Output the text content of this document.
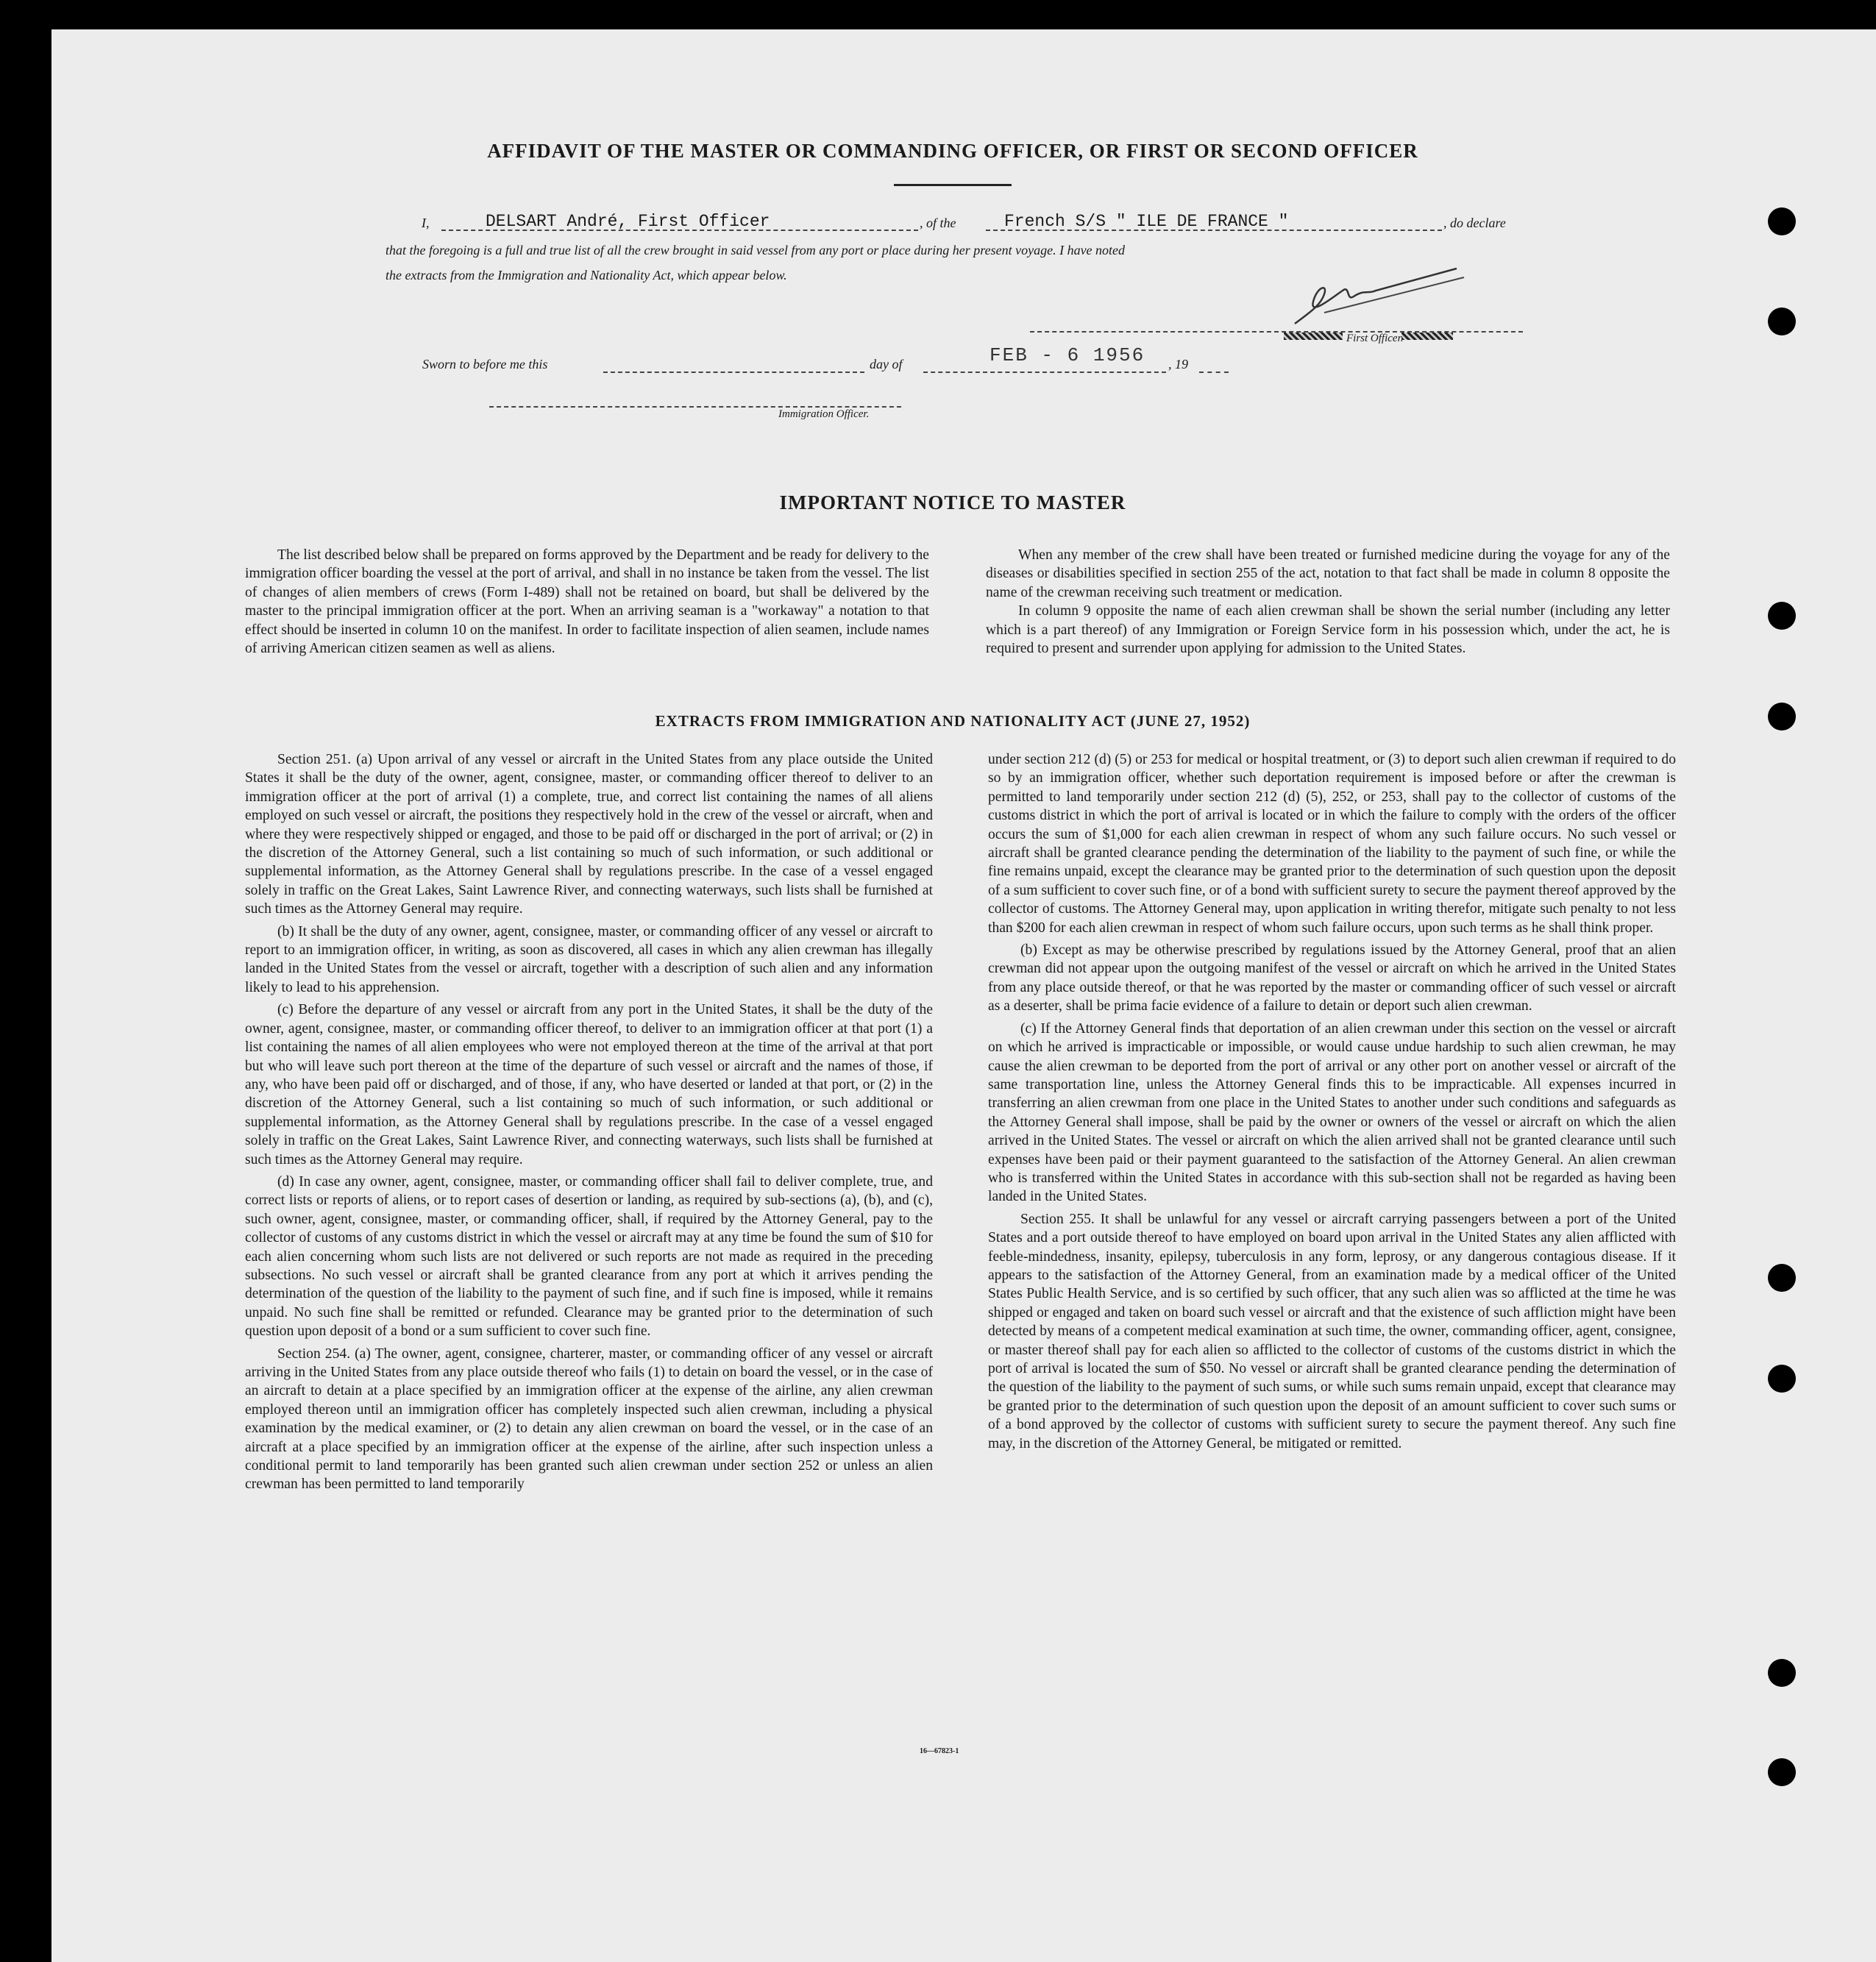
AFFIDAVIT OF THE MASTER OR COMMANDING OFFICER, OR FIRST OR SECOND OFFICER
I,	DELSART André, First Officer	, of the	French S/S " ILE DE FRANCE "	, do declare
that the foregoing is a full and true list of all the crew brought in said vessel from any port or place during her present voyage. I have noted
the extracts from the Immigration and Nationality Act, which appear below.
First Officer.
Sworn to before me this	day of	FEB - 6 1956 , 19
Immigration Officer.
IMPORTANT NOTICE TO MASTER

The list described below shall be prepared on forms approved by the Department and be ready for delivery to the immigration officer boarding the vessel at the port of arrival, and shall in no instance be taken from the vessel. The list of changes of alien members of crews (Form I-489) shall not be retained on board, but shall be delivered by the master to the principal immigration officer at the port. When an arriving seaman is a "workaway" a notation to that effect should be inserted in column 10 on the manifest. In order to facilitate inspection of alien seamen, include names of arriving American citizen seamen as well as aliens.

When any member of the crew shall have been treated or furnished medicine during the voyage for any of the diseases or disabilities specified in section 255 of the act, notation to that fact shall be made in column 8 opposite the name of the crewman receiving such treatment or medication.

In column 9 opposite the name of each alien crewman shall be shown the serial number (including any letter which is a part thereof) of any Immigration or Foreign Service form in his possession which, under the act, he is required to present and surrender upon applying for admission to the United States.

EXTRACTS FROM IMMIGRATION AND NATIONALITY ACT (JUNE 27, 1952)

Section 251. (a) Upon arrival of any vessel or aircraft in the United States from any place outside the United States it shall be the duty of the owner, agent, consignee, master, or commanding officer thereof to deliver to an immigration officer at the port of arrival (1) a complete, true, and correct list containing the names of all aliens employed on such vessel or aircraft, the positions they respectively hold in the crew of the vessel or aircraft, when and where they were respectively shipped or engaged, and those to be paid off or discharged in the port of arrival; or (2) in the discretion of the Attorney General, such a list containing so much of such information, or such additional or supplemental information, as the Attorney General shall by regulations prescribe. In the case of a vessel engaged solely in traffic on the Great Lakes, Saint Lawrence River, and connecting waterways, such lists shall be furnished at such times as the Attorney General may require.

(b) It shall be the duty of any owner, agent, consignee, master, or commanding officer of any vessel or aircraft to report to an immigration officer, in writing, as soon as discovered, all cases in which any alien crewman has illegally landed in the United States from the vessel or aircraft, together with a description of such alien and any information likely to lead to his apprehension.

(c) Before the departure of any vessel or aircraft from any port in the United States, it shall be the duty of the owner, agent, consignee, master, or commanding officer thereof, to deliver to an immigration officer at that port (1) a list containing the names of all alien employees who were not employed thereon at the time of the arrival at that port but who will leave such port thereon at the time of the departure of such vessel or aircraft and the names of those, if any, who have been paid off or discharged, and of those, if any, who have deserted or landed at that port, or (2) in the discretion of the Attorney General, such a list containing so much of such information, or such additional or supplemental information, as the Attorney General shall by regulations prescribe. In the case of a vessel engaged solely in traffic on the Great Lakes, Saint Lawrence River, and connecting waterways, such lists shall be furnished at such times as the Attorney General may require.

(d) In case any owner, agent, consignee, master, or commanding officer shall fail to deliver complete, true, and correct lists or reports of aliens, or to report cases of desertion or landing, as required by sub-sections (a), (b), and (c), such owner, agent, consignee, master, or commanding officer, shall, if required by the Attorney General, pay to the collector of customs of any customs district in which the vessel or aircraft may at any time be found the sum of $10 for each alien concerning whom such lists are not delivered or such reports are not made as required in the preceding subsections. No such vessel or aircraft shall be granted clearance from any port at which it arrives pending the determination of the question of the liability to the payment of such fine, and if such fine is imposed, while it remains unpaid. No such fine shall be remitted or refunded. Clearance may be granted prior to the determination of such question upon deposit of a bond or a sum sufficient to cover such fine.

Section 254. (a) The owner, agent, consignee, charterer, master, or commanding officer of any vessel or aircraft arriving in the United States from any place outside thereof who fails (1) to detain on board the vessel, or in the case of an aircraft to detain at a place specified by an immigration officer at the expense of the airline, any alien crewman employed thereon until an immigration officer has completely inspected such alien crewman, including a physical examination by the medical examiner, or (2) to detain any alien crewman on board the vessel, or in the case of an aircraft at a place specified by an immigration officer at the expense of the airline, after such inspection unless a conditional permit to land temporarily has been granted such alien crewman under section 252 or unless an alien crewman has been permitted to land temporarily

under section 212 (d) (5) or 253 for medical or hospital treatment, or (3) to deport such alien crewman if required to do so by an immigration officer, whether such deportation requirement is imposed before or after the crewman is permitted to land temporarily under section 212 (d) (5), 252, or 253, shall pay to the collector of customs of the customs district in which the port of arrival is located or in which the failure to comply with the orders of the officer occurs the sum of $1,000 for each alien crewman in respect of whom any such failure occurs. No such vessel or aircraft shall be granted clearance pending the determination of the liability to the payment of such fine, or while the fine remains unpaid, except the clearance may be granted prior to the determination of such question upon the deposit of a sum sufficient to cover such fine, or of a bond with sufficient surety to secure the payment thereof approved by the collector of customs. The Attorney General may, upon application in writing therefor, mitigate such penalty to not less than $200 for each alien crewman in respect of whom such failure occurs, upon such terms as he shall think proper.

(b) Except as may be otherwise prescribed by regulations issued by the Attorney General, proof that an alien crewman did not appear upon the outgoing manifest of the vessel or aircraft on which he arrived in the United States from any place outside thereof, or that he was reported by the master or commanding officer of such vessel or aircraft as a deserter, shall be prima facie evidence of a failure to detain or deport such alien crewman.

(c) If the Attorney General finds that deportation of an alien crewman under this section on the vessel or aircraft on which he arrived is impracticable or impossible, or would cause undue hardship to such alien crewman, he may cause the alien crewman to be deported from the port of arrival or any other port on another vessel or aircraft of the same transportation line, unless the Attorney General finds this to be impracticable. All expenses incurred in transferring an alien crewman from one place in the United States to another under such conditions and safeguards as the Attorney General shall impose, shall be paid by the owner or owners of the vessel or aircraft on which the alien arrived in the United States. The vessel or aircraft on which the alien arrived shall not be granted clearance until such expenses have been paid or their payment guaranteed to the satisfaction of the Attorney General. An alien crewman who is transferred within the United States in accordance with this sub-section shall not be regarded as having been landed in the United States.

Section 255. It shall be unlawful for any vessel or aircraft carrying passengers between a port of the United States and a port outside thereof to have employed on board upon arrival in the United States any alien afflicted with feeble-mindedness, insanity, epilepsy, tuberculosis in any form, leprosy, or any dangerous contagious disease. If it appears to the satisfaction of the Attorney General, from an examination made by a medical officer of the United States Public Health Service, and is so certified by such officer, that any such alien was so afflicted at the time he was shipped or engaged and taken on board such vessel or aircraft and that the existence of such affliction might have been detected by means of a competent medical examination at such time, the owner, commanding officer, agent, consignee, or master thereof shall pay for each alien so afflicted to the collector of customs of the customs district in which the port of arrival is located the sum of $50. No vessel or aircraft shall be granted clearance pending the determination of the question of the liability to the payment of such sums, or while such sums remain unpaid, except that clearance may be granted prior to the determination of such question upon the deposit of an amount sufficient to cover such sums or of a bond approved by the collector of customs with sufficient surety to secure the payment thereof. Any such fine may, in the discretion of the Attorney General, be mitigated or remitted.

16—67823-1
